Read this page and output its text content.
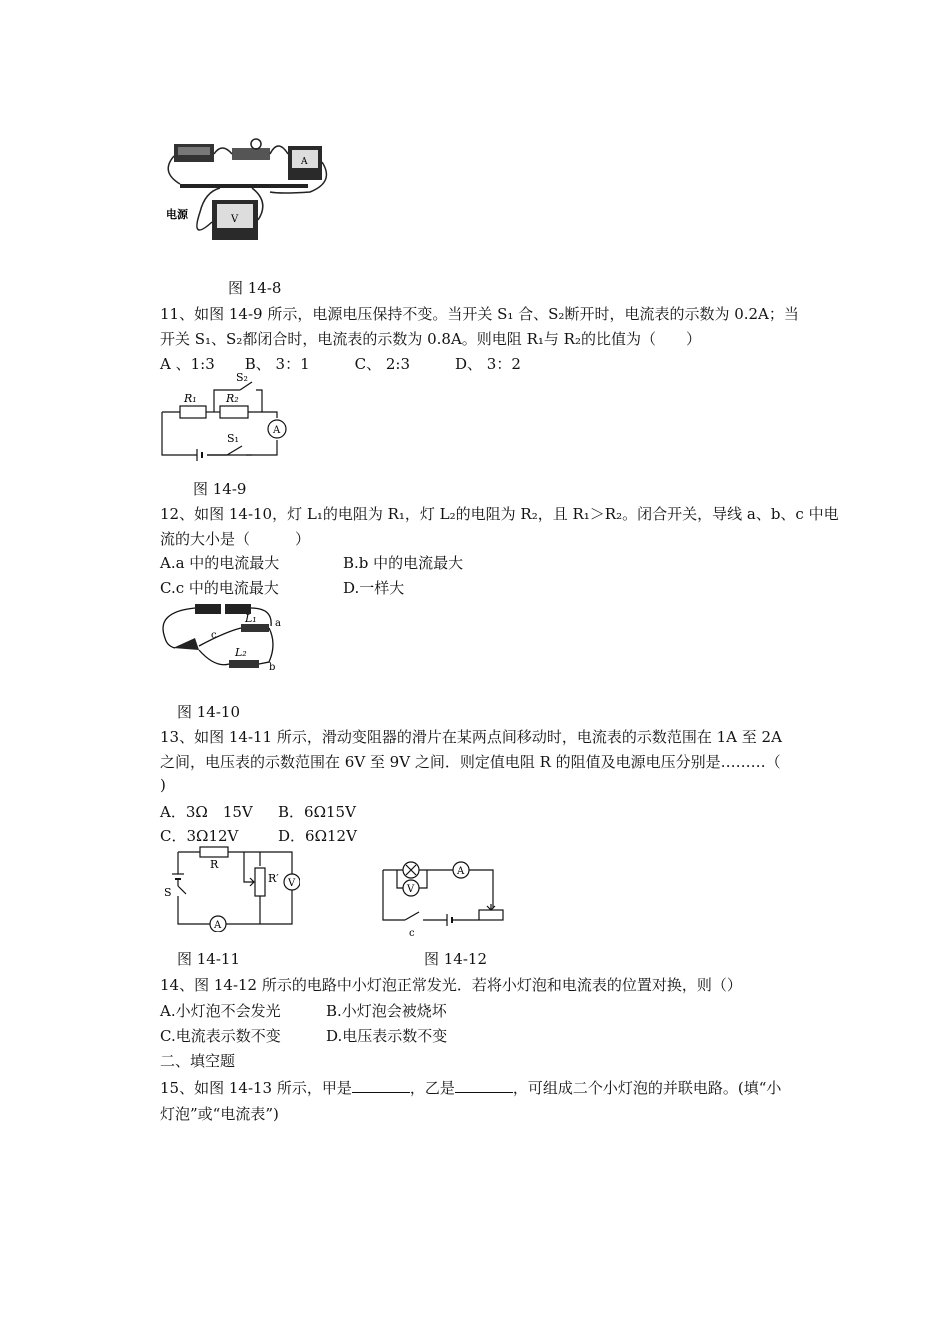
A
V
电源
图 14-8
11、如图 14-9 所示，电源电压保持不变。当开关 S₁ 合、S₂断开时，电流表的示数为 0.2A；当
开关 S₁、S₂都闭合时，电流表的示数为 0.8A。则电阻 R₁与 R₂的比值为（　　）
A 、1:3　　B、 3：1　　　C、 2:3　　　D、 3：2
R₁	R₂
S₂
S₁
A
图 14-9
12、如图 14-10，灯 L₁的电阻为 R₁，灯 L₂的电阻为 R₂，且 R₁＞R₂。闭合开关，导线 a、b、c 中电
流的大小是（　　　）
A.a 中的电流最大	B.b 中的电流最大
C.c 中的电流最大	D.一样大
L₁
L₂
a
b
c
图 14-10
13、如图 14-11 所示，滑动变阻器的滑片在某两点间移动时，电流表的示数范围在 1A 至 2A
之间，电压表的示数范围在 6V 至 9V 之间．则定值电阻 R 的阻值及电源电压分别是………（
)
A．3Ω　15V B．6Ω15V
C．3Ω12V	D．6Ω12V
R
R′
S
V
A
图 14-11
A
V
c
图 14-12
14、图 14-12 所示的电路中小灯泡正常发光．若将小灯泡和电流表的位置对换，则（）
A.小灯泡不会发光	B.小灯泡会被烧坏
C.电流表示数不变	D.电压表示数不变
二、填空题
15、如图 14-13 所示，甲是	，乙是	，可组成二个小灯泡的并联电路。(填“小
灯泡”或“电流表”)
